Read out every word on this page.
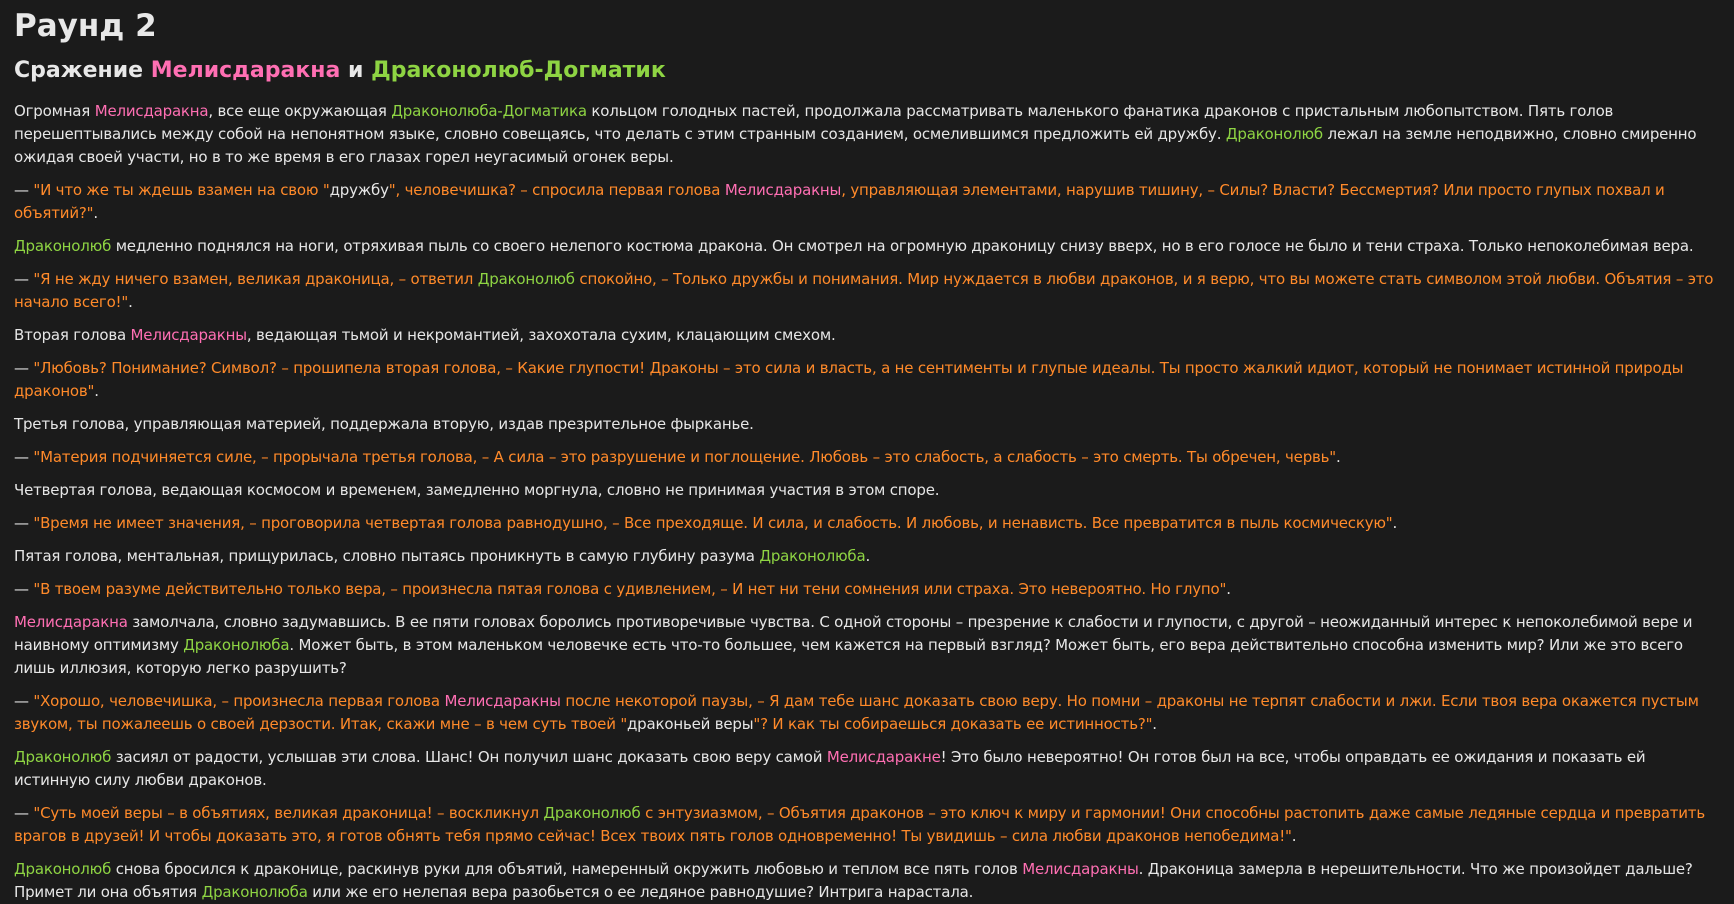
Раунд 2
Сражение Мелисдаракна и Драконолюб-Догматик

Огромная Мелисдаракна, все еще окружающая Драконолюба-Догматика кольцом голодных пастей, продолжала рассматривать маленького фанатика драконов с пристальным любопытством. Пять голов перешептывались между собой на непонятном языке, словно совещаясь, что делать с этим странным созданием, осмелившимся предложить ей дружбу. Драконолюб лежал на земле неподвижно, словно смиренно ожидая своей участи, но в то же время в его глазах горел неугасимый огонек веры.

— "И что же ты ждешь взамен на свою "дружбу", человечишка? – спросила первая голова Мелисдаракны, управляющая элементами, нарушив тишину, – Силы? Власти? Бессмертия? Или просто глупых похвал и объятий?".

Драконолюб медленно поднялся на ноги, отряхивая пыль со своего нелепого костюма дракона. Он смотрел на огромную драконицу снизу вверх, но в его голосе не было и тени страха. Только непоколебимая вера.

— "Я не жду ничего взамен, великая драконица, – ответил Драконолюб спокойно, – Только дружбы и понимания. Мир нуждается в любви драконов, и я верю, что вы можете стать символом этой любви. Объятия – это начало всего!".

Вторая голова Мелисдаракны, ведающая тьмой и некромантией, захохотала сухим, клацающим смехом.

— "Любовь? Понимание? Символ? – прошипела вторая голова, – Какие глупости! Драконы – это сила и власть, а не сентименты и глупые идеалы. Ты просто жалкий идиот, который не понимает истинной природы драконов".

Третья голова, управляющая материей, поддержала вторую, издав презрительное фырканье.

— "Материя подчиняется силе, – прорычала третья голова, – А сила – это разрушение и поглощение. Любовь – это слабость, а слабость – это смерть. Ты обречен, червь".

Четвертая голова, ведающая космосом и временем, замедленно моргнула, словно не принимая участия в этом споре.

— "Время не имеет значения, – проговорила четвертая голова равнодушно, – Все преходяще. И сила, и слабость. И любовь, и ненависть. Все превратится в пыль космическую".

Пятая голова, ментальная, прищурилась, словно пытаясь проникнуть в самую глубину разума Драконолюба.

— "В твоем разуме действительно только вера, – произнесла пятая голова с удивлением, – И нет ни тени сомнения или страха. Это невероятно. Но глупо".

Мелисдаракна замолчала, словно задумавшись. В ее пяти головах боролись противоречивые чувства. С одной стороны – презрение к слабости и глупости, с другой – неожиданный интерес к непоколебимой вере и наивному оптимизму Драконолюба. Может быть, в этом маленьком человечке есть что-то большее, чем кажется на первый взгляд? Может быть, его вера действительно способна изменить мир? Или же это всего лишь иллюзия, которую легко разрушить?

— "Хорошо, человечишка, – произнесла первая голова Мелисдаракны после некоторой паузы, – Я дам тебе шанс доказать свою веру. Но помни – драконы не терпят слабости и лжи. Если твоя вера окажется пустым звуком, ты пожалеешь о своей дерзости. Итак, скажи мне – в чем суть твоей "драконьей веры"? И как ты собираешься доказать ее истинность?".

Драконолюб засиял от радости, услышав эти слова. Шанс! Он получил шанс доказать свою веру самой Мелисдаракне! Это было невероятно! Он готов был на все, чтобы оправдать ее ожидания и показать ей истинную силу любви драконов.

— "Суть моей веры – в объятиях, великая драконица! – воскликнул Драконолюб с энтузиазмом, – Объятия драконов – это ключ к миру и гармонии! Они способны растопить даже самые ледяные сердца и превратить врагов в друзей! И чтобы доказать это, я готов обнять тебя прямо сейчас! Всех твоих пять голов одновременно! Ты увидишь – сила любви драконов непобедима!".

Драконолюб снова бросился к драконице, раскинув руки для объятий, намеренный окружить любовью и теплом все пять голов Мелисдаракны. Драконица замерла в нерешительности. Что же произойдет дальше? Примет ли она объятия Драконолюба или же его нелепая вера разобьется о ее ледяное равнодушие? Интрига нарастала.
